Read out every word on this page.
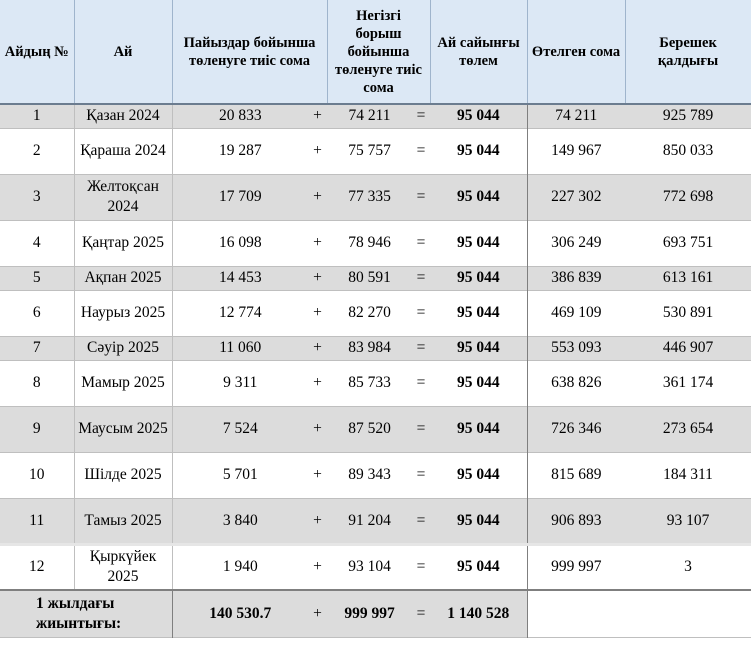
Айдың №	Ай	Пайыздар бойынша төленуге тиіс сома		Негізгі борыш бойынша төленуге тиіс сома		Ай сайынғы төлем	Өтелген сома	Берешек қалдығы
1	Қазан 2024	20 833	+	74 211	=	95 044	74 211	925 789
2	Қараша 2024	19 287	+	75 757	=	95 044	149 967	850 033
3	Желтоқсан 2024	17 709	+	77 335	=	95 044	227 302	772 698
4	Қаңтар 2025	16 098	+	78 946	=	95 044	306 249	693 751
5	Ақпан 2025	14 453	+	80 591	=	95 044	386 839	613 161
6	Наурыз 2025	12 774	+	82 270	=	95 044	469 109	530 891
7	Сәуір 2025	11 060	+	83 984	=	95 044	553 093	446 907
8	Мамыр 2025	9 311	+	85 733	=	95 044	638 826	361 174
9	Маусым 2025	7 524	+	87 520	=	95 044	726 346	273 654
10	Шілде 2025	5 701	+	89 343	=	95 044	815 689	184 311
11	Тамыз 2025	3 840	+	91 204	=	95 044	906 893	93 107
12	Қыркүйек 2025	1 940	+	93 104	=	95 044	999 997	3
1 жылдағы жиынтығы:		140 530.7	+	999 997	=	1 140 528		
